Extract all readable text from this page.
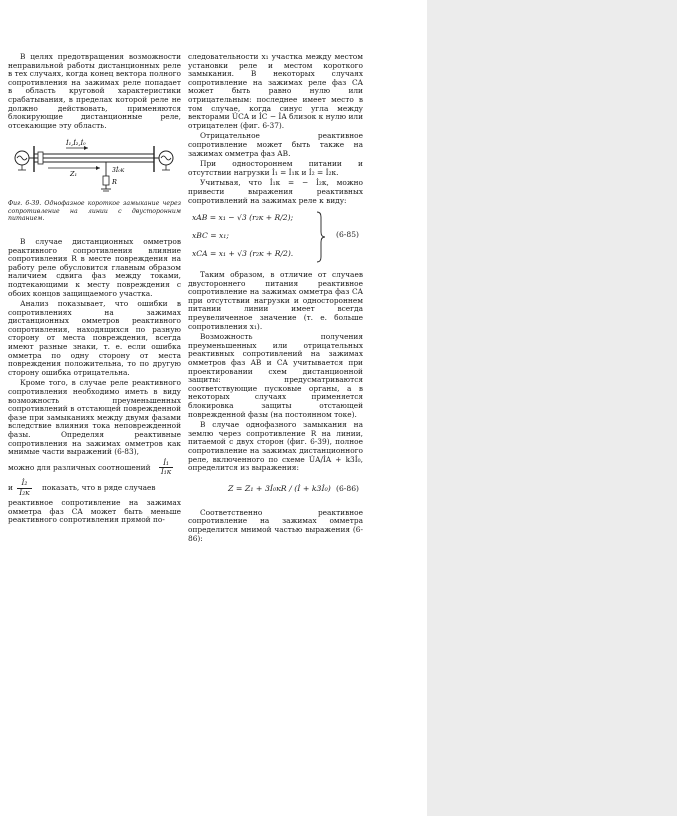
В целях предотвращения возможности неправильной работы дистанционных реле в тех случаях, когда конец вектора полного сопротивления на зажимах реле попадает в область круговой характеристики срабатывания, в пределах которой реле не должно действовать, применяются блокирующие дистанционные реле, отсекающие эту область.

İ₁,İ₂,İ₀
Z₁	3İ₀к
R
Фиг. 6-39. Однофазное короткое замыкание через сопротивление на линии с двусторонним питанием.

В случае дистанционных омметров реактивного сопротивления влияние сопротивления R в месте повреждения на работу реле обусловится главным образом наличием сдвига фаз между токами, подтекающими к месту повреждения с обоих концов защищаемого участка.

Анализ показывает, что ошибки в сопротивлениях на зажимах дистанционных омметров реактивного сопротивления, находящихся по разную сторону от места повреждения, всегда имеют разные знаки, т. е. если ошибка омметра по одну сторону от места повреждения положительна, то по другую сторону ошибка отрицательна.

Кроме того, в случае реле реактивного сопротивления необходимо иметь в виду возможность преуменьшенных сопротивлений в отстающей поврежденной фазе при замыканиях между двумя фазами вследствие влияния тока неповрежденной фазы. Определяя реактивные сопротивления на зажимах омметров как мнимые части выражений (6-83),

можно для различных соотношений
İ₁
İ₁к

и
İ₂
İ₂к показать, что в ряде случаев

реактивное сопротивление на зажимах омметра фаз CA может быть меньше реактивного сопротивления прямой по-

следовательности x₁ участка между местом установки реле и местом короткого замыкания. В некоторых случаях сопротивление на зажимах реле фаз CA может быть равно нулю или отрицательным: последнее имеет место в том случае, когда синус угла между векторами U̇CA и İC − İA близок к нулю или отрицателен (фиг. 6-37).

Отрицательное реактивное сопротивление может быть также на зажимах омметра фаз AB.

При одностороннем питании и отсутствии нагрузки İ₁ = İ₁к и İ₂ = İ₂к.

Учитывая, что İ₁к = − İ₂к, можно привести выражения реактивных сопротивлений на зажимах реле к виду:

xAB = x₁ − √3 (r₂к + R/2);
xBC = x₁;
xCA = x₁ + √3 (r₂к + R/2).
(6-85)

Таким образом, в отличие от случаев двустороннего питания реактивное сопротивление на зажимах омметра фаз CA при отсутствии нагрузки и одностороннем питании линии имеет всегда преувеличенное значение (т. е. больше сопротивления x₁).

Возможность получения преуменьшенных или отрицательных реактивных сопротивлений на зажимах омметров фаз AB и CA учитывается при проектировании схем дистанционной защиты: предусматриваются соответствующие пусковые органы, а в некоторых случаях применяется блокировка защиты отстающей поврежденной фазы (на постоянном токе).

В случае однофазного замыкания на землю через сопротивление R на линии, питаемой с двух сторон (фиг. 6-39), полное сопротивление на зажимах дистанционного реле, включенного по схеме U̇A/İA + k3İ₀, определится из выражения:

Z = Z₁ + 3İ₀кR / (İ + k3İ₀) (6-86)

Соответственно реактивное сопротивление на зажимах омметра определится мнимой частью выражения (6-86):
